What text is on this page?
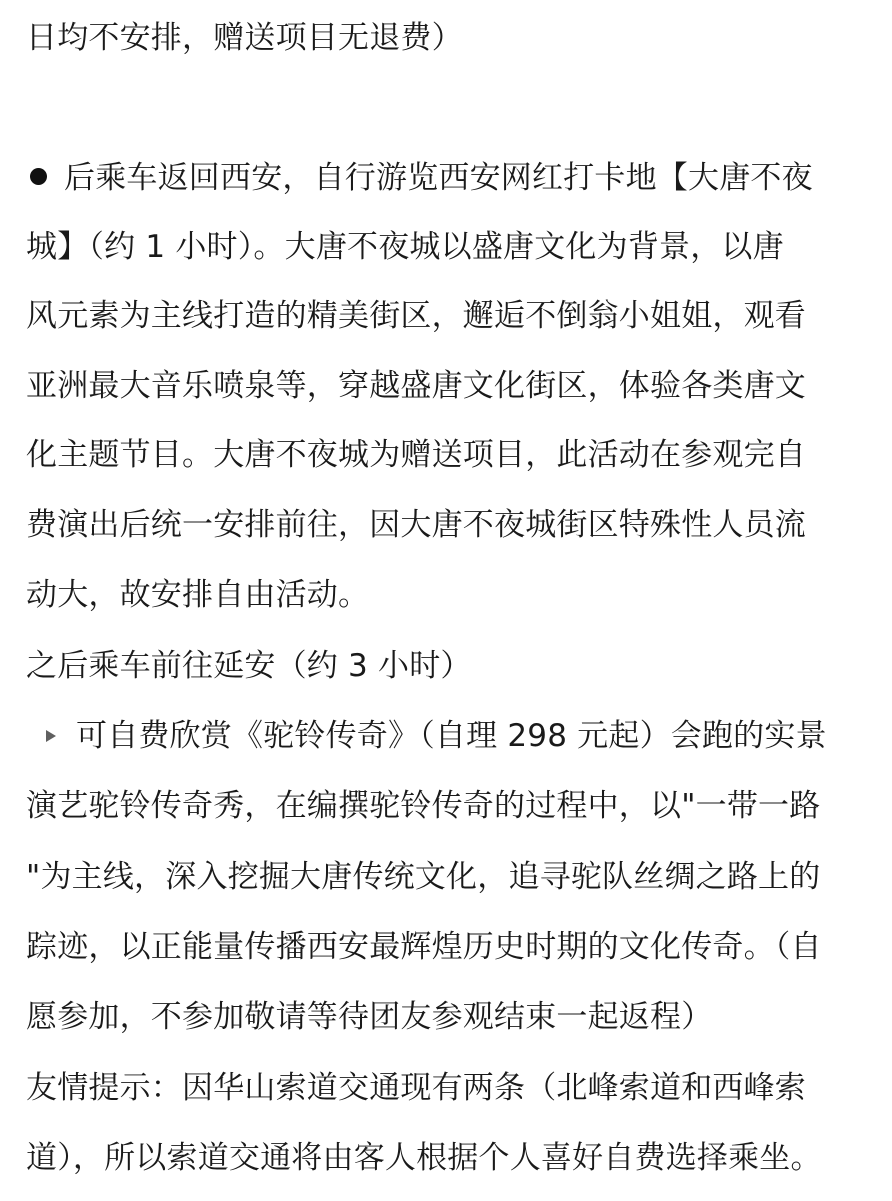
日均不安排，赠送项目无退费）
后乘车返回西安，自行游览西安网红打卡地【大唐不夜
城】（约 1 小时）。大唐不夜城以盛唐文化为背景，以唐
风元素为主线打造的精美街区，邂逅不倒翁小姐姐，观看
亚洲最大音乐喷泉等，穿越盛唐文化街区，体验各类唐文
化主题节目。大唐不夜城为赠送项目，此活动在参观完自
费演出后统一安排前往，因大唐不夜城街区特殊性人员流
动大，故安排自由活动。
之后乘车前往延安（约 3 小时）
可自费欣赏《驼铃传奇》（自理 298 元起）会跑的实景
演艺驼铃传奇秀，在编撰驼铃传奇的过程中，以"一带一路
"为主线，深入挖掘大唐传统文化，追寻驼队丝绸之路上的
踪迹，以正能量传播西安最辉煌历史时期的文化传奇。（自
愿参加，不参加敬请等待团友参观结束一起返程）
友情提示：因华山索道交通现有两条（北峰索道和西峰索
道），所以索道交通将由客人根据个人喜好自费选择乘坐。
